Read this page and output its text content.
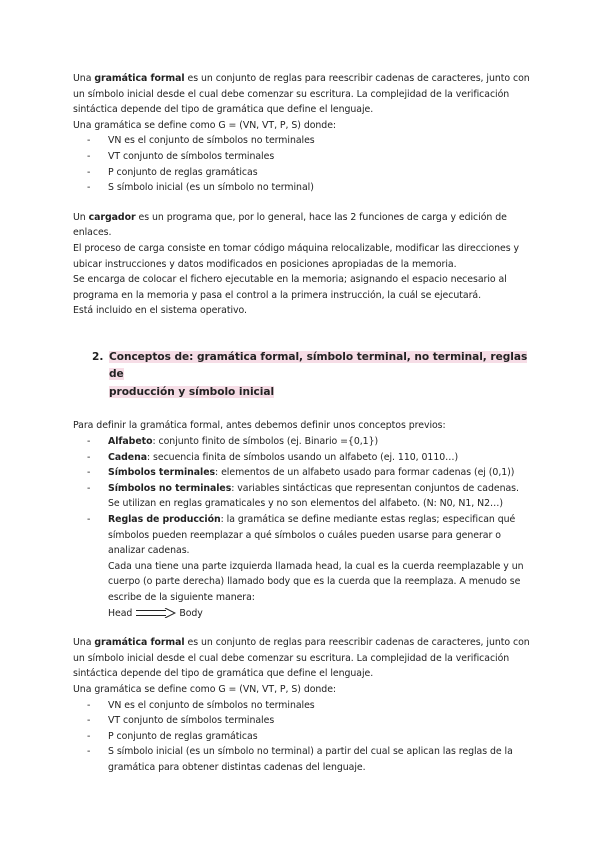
Una gramática formal es un conjunto de reglas para reescribir cadenas de caracteres, junto con un símbolo inicial desde el cual debe comenzar su escritura. La complejidad de la verificación sintáctica depende del tipo de gramática que define el lenguaje.

Una gramática se define como G = (VN, VT, P, S) donde:

- VN es el conjunto de símbolos no terminales
- VT conjunto de símbolos terminales
- P conjunto de reglas gramáticas
- S símbolo inicial (es un símbolo no terminal)

Un cargador es un programa que, por lo general, hace las 2 funciones de carga y edición de enlaces.

El proceso de carga consiste en tomar código máquina relocalizable, modificar las direcciones y ubicar instrucciones y datos modificados en posiciones apropiadas de la memoria.

Se encarga de colocar el fichero ejecutable en la memoria; asignando el espacio necesario al programa en la memoria y pasa el control a la primera instrucción, la cuál se ejecutará.

Está incluido en el sistema operativo.

2. Conceptos de: gramática formal, símbolo terminal, no terminal, reglas de
producción y símbolo inicial

Para definir la gramática formal, antes debemos definir unos conceptos previos:

- Alfabeto: conjunto finito de símbolos (ej. Binario ={0,1})
- Cadena: secuencia finita de símbolos usando un alfabeto (ej. 110, 0110…)
- Símbolos terminales: elementos de un alfabeto usado para formar cadenas (ej (0,1))
- Símbolos no terminales: variables sintácticas que representan conjuntos de cadenas. Se utilizan en reglas gramaticales y no son elementos del alfabeto. (N: N0, N1, N2…)
- Reglas de producción: la gramática se define mediante estas reglas; especifican qué símbolos pueden reemplazar a qué símbolos o cuáles pueden usarse para generar o analizar cadenas.
Cada una tiene una parte izquierda llamada head, la cual es la cuerda reemplazable y un cuerpo (o parte derecha) llamado body que es la cuerda que la reemplaza. A menudo se escribe de la siguiente manera:
Head	Body

Una gramática formal es un conjunto de reglas para reescribir cadenas de caracteres, junto con un símbolo inicial desde el cual debe comenzar su escritura. La complejidad de la verificación sintáctica depende del tipo de gramática que define el lenguaje.

Una gramática se define como G = (VN, VT, P, S) donde:

- VN es el conjunto de símbolos no terminales
- VT conjunto de símbolos terminales
- P conjunto de reglas gramáticas
- S símbolo inicial (es un símbolo no terminal) a partir del cual se aplican las reglas de la gramática para obtener distintas cadenas del lenguaje.
